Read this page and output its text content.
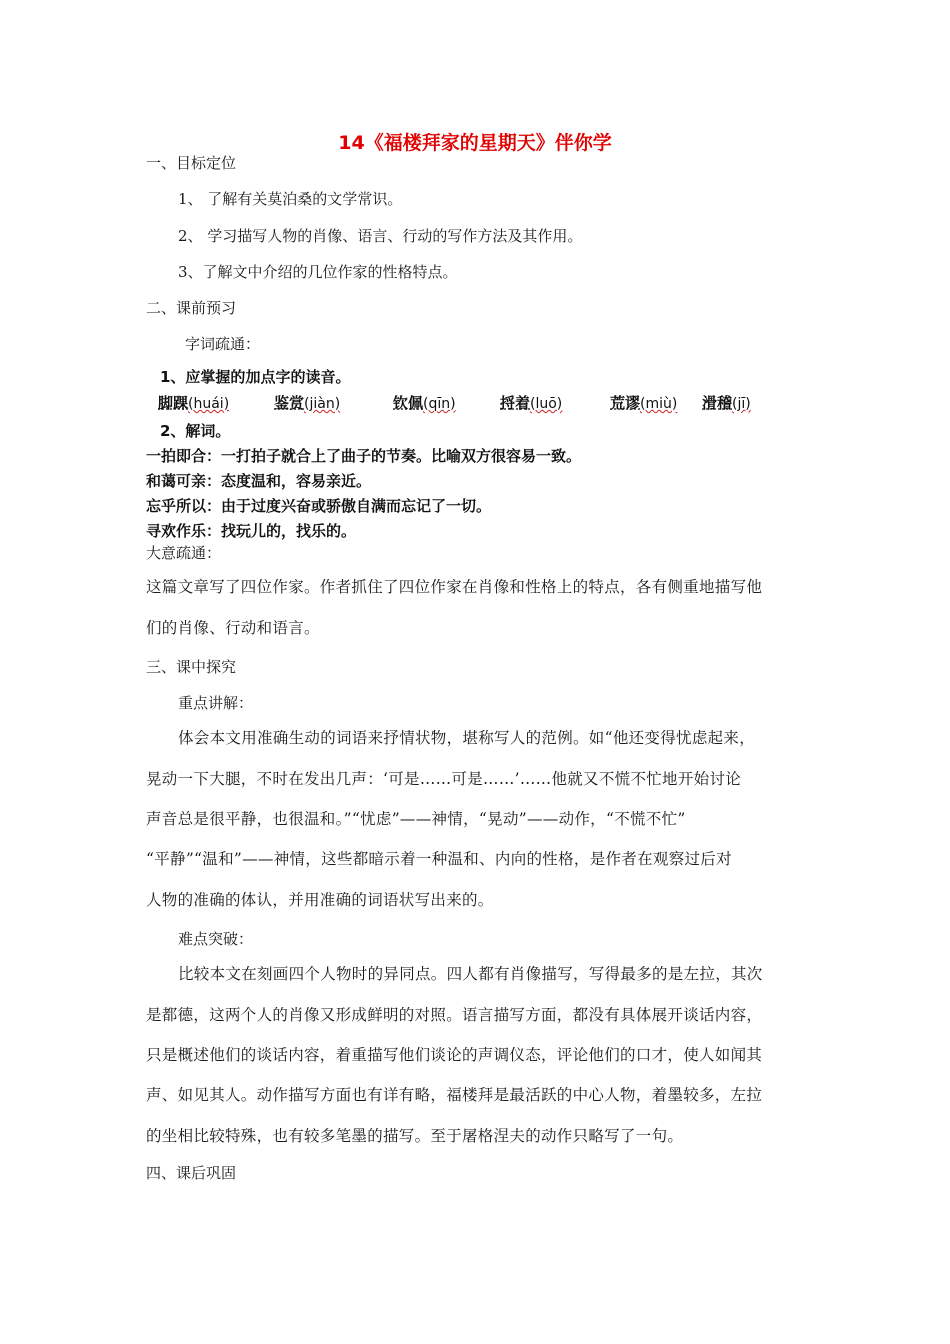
14《福楼拜家的星期天》伴你学
一、目标定位
1、 了解有关莫泊桑的文学常识。
2、 学习描写人物的肖像、语言、行动的写作方法及其作用。
3、了解文中介绍的几位作家的性格特点。
二、课前预习
字词疏通：
1、应掌握的加点字的读音。
脚踝(huái)	鉴赏(jiàn)	钦佩(qīn)	捋着(luō)	荒谬(miù) 滑稽(jī)
2、解词。
一拍即合：一打拍子就合上了曲子的节奏。比喻双方很容易一致。
和蔼可亲：态度温和，容易亲近。
忘乎所以：由于过度兴奋或骄傲自满而忘记了一切。
寻欢作乐：找玩儿的，找乐的。
大意疏通：
这篇文章写了四位作家。作者抓住了四位作家在肖像和性格上的特点，各有侧重地描写他
们的肖像、行动和语言。
三、课中探究
重点讲解：
体会本文用准确生动的词语来抒情状物，堪称写人的范例。如“他还变得忧虑起来，
晃动一下大腿，不时在发出几声：‘可是……可是……’……他就又不慌不忙地开始讨论
声音总是很平静，也很温和。”“忧虑”——神情，“晃动”——动作，“不慌不忙”
“平静”“温和”——神情，这些都暗示着一种温和、内向的性格，是作者在观察过后对
人物的准确的体认，并用准确的词语状写出来的。
难点突破：
比较本文在刻画四个人物时的异同点。四人都有肖像描写，写得最多的是左拉，其次
是都德，这两个人的肖像又形成鲜明的对照。语言描写方面，都没有具体展开谈话内容，
只是概述他们的谈话内容，着重描写他们谈论的声调仪态，评论他们的口才，使人如闻其
声、如见其人。动作描写方面也有详有略，福楼拜是最活跃的中心人物，着墨较多，左拉
的坐相比较特殊，也有较多笔墨的描写。至于屠格涅夫的动作只略写了一句。
四、课后巩固
